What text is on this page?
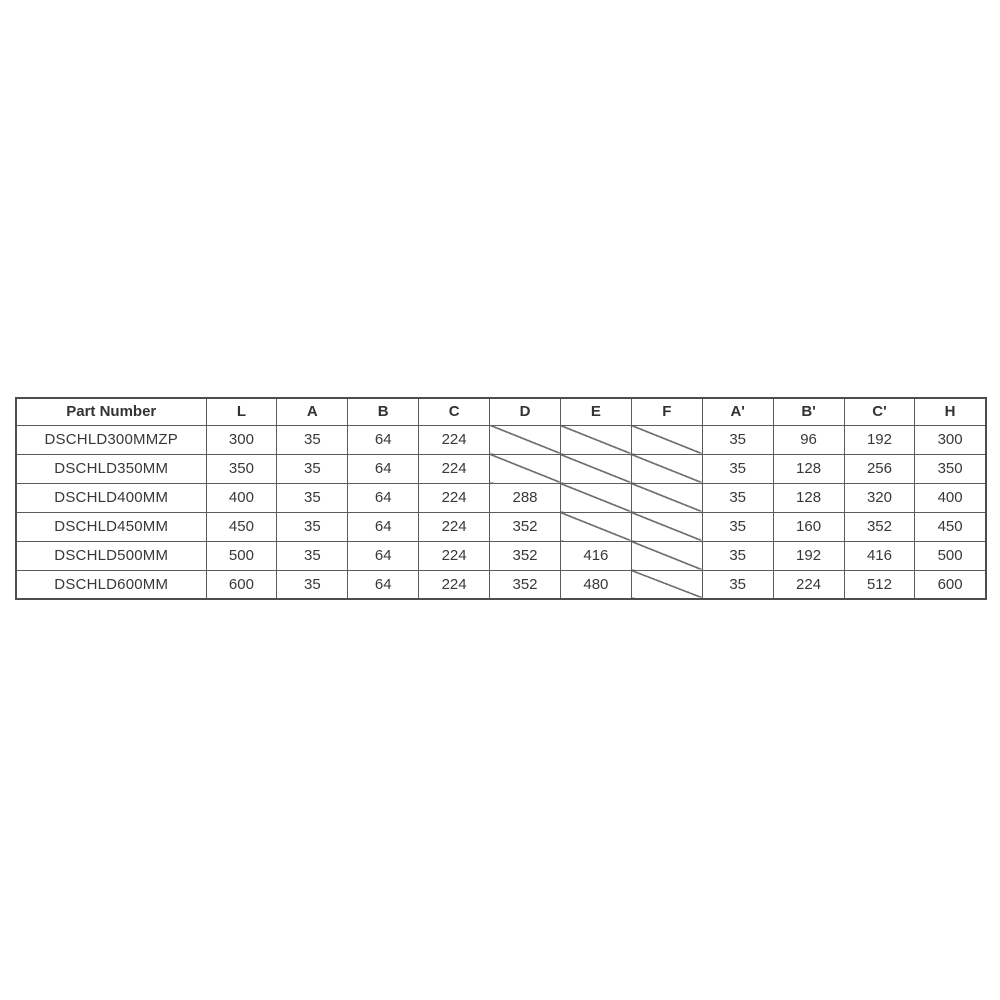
Part Number	L	A	B	C	D	E	F	A'	B'	C'	H
DSCHLD300MMZP	300	35	64	224				35	96	192	300
DSCHLD350MM	350	35	64	224				35	128	256	350
DSCHLD400MM	400	35	64	224	288			35	128	320	400
DSCHLD450MM	450	35	64	224	352			35	160	352	450
DSCHLD500MM	500	35	64	224	352	416		35	192	416	500
DSCHLD600MM	600	35	64	224	352	480		35	224	512	600
